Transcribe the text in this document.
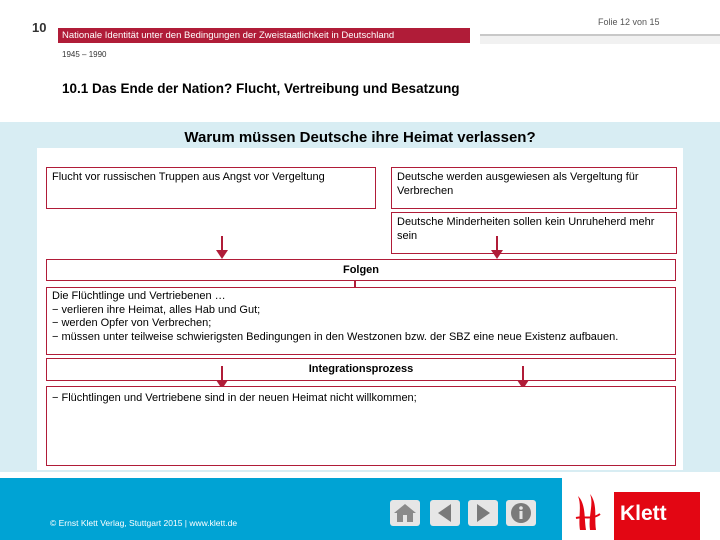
10	Folie 12 von 15
Nationale Identität unter den Bedingungen der Zweistaatlichkeit in Deutschland
1945 – 1990
10.1 Das Ende der Nation? Flucht, Vertreibung und Besatzung
Warum müssen Deutsche ihre Heimat verlassen?
Flucht vor russischen Truppen aus Angst vor Vergeltung	Deutsche werden ausgewiesen als Vergeltung für Verbrechen
Deutsche Minderheiten sollen kein Unruheherd mehr sein
Folgen
Die Flüchtlinge und Vertriebenen …
− verlieren ihre Heimat, alles Hab und Gut;
− werden Opfer von Verbrechen;
− müssen unter teilweise schwierigsten Bedingungen in den Westzonen bzw. der SBZ eine neue Existenz aufbauen.
Integrationsprozess
− Flüchtlingen und Vertriebene sind in der neuen Heimat nicht willkommen;
© Ernst Klett Verlag, Stuttgart 2015 | www.klett.de	Klett
